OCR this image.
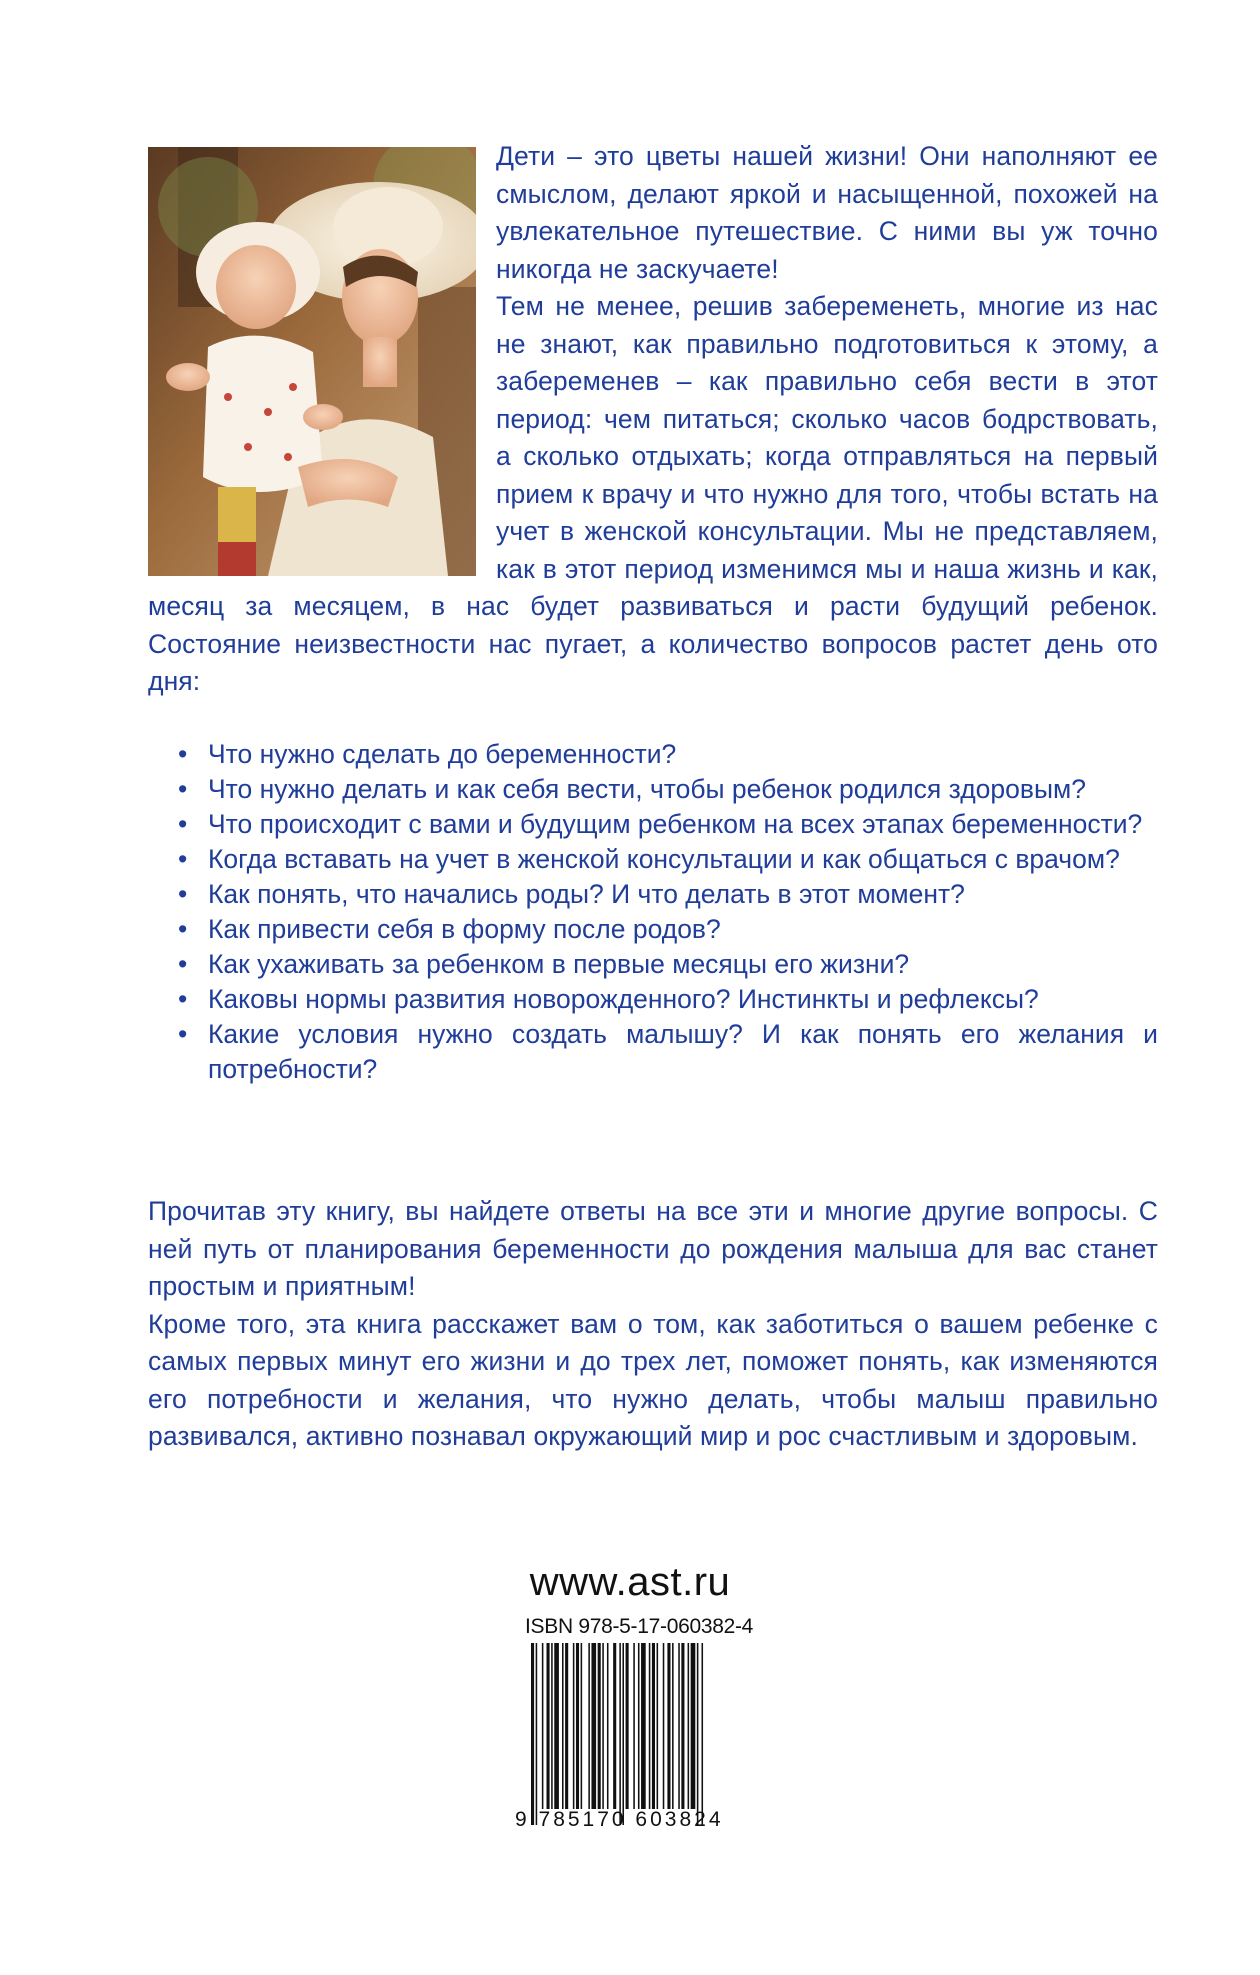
Дети – это цветы нашей жизни! Они наполняют ее смыслом, делают яркой и насыщенной, похожей на увлекательное путешествие. С ними вы уж точно никогда не заскучаете!

Тем не менее, решив забеременеть, многие из нас не знают, как правильно подготовиться к этому, а забеременев – как правильно себя вести в этот период: чем питаться; сколько часов бодрствовать, а сколько отдыхать; когда отправляться на первый прием к врачу и что нужно для того, чтобы встать на учет в женской консультации. Мы не представляем, как в этот период изменимся мы и наша жизнь и как, месяц за месяцем, в нас будет развиваться и расти будущий ребенок. Состояние неизвестности нас пугает, а количество вопросов растет день ото дня:

• Что нужно сделать до беременности?
• Что нужно делать и как себя вести, чтобы ребенок родился здоровым?
• Что происходит с вами и будущим ребенком на всех этапах беременности?
• Когда вставать на учет в женской консультации и как общаться с врачом?
• Как понять, что начались роды? И что делать в этот момент?
• Как привести себя в форму после родов?
• Как ухаживать за ребенком в первые месяцы его жизни?
• Каковы нормы развития новорожденного? Инстинкты и рефлексы?
• Какие условия нужно создать малышу? И как понять его желания и потребности?

Прочитав эту книгу, вы найдете ответы на все эти и многие другие вопросы. С ней путь от планирования беременности до рождения малыша для вас станет простым и приятным!

Кроме того, эта книга расскажет вам о том, как заботиться о вашем ребенке с самых первых минут его жизни и до трех лет, поможет понять, как изменяются его потребности и желания, что нужно делать, чтобы малыш правильно развивался, активно познавал окружающий мир и рос счастливым и здоровым.

www.ast.ru
ISBN 978-5-17-060382-4
9 785170 603824
